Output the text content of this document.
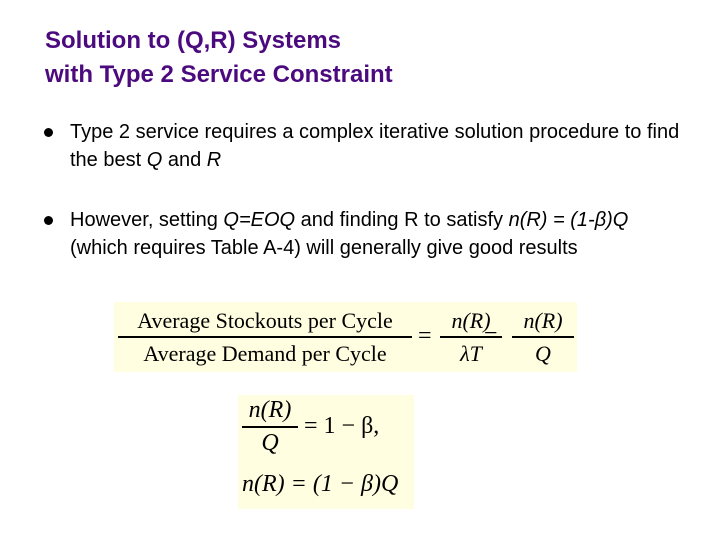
Solution to (Q,R) Systems
with Type 2 Service Constraint
Type 2 service requires a complex iterative solution procedure to find the best Q and R
However, setting Q=EOQ and finding R to satisfy n(R) = (1-β)Q (which requires Table A-4) will generally give good results
Average Stockouts per Cycle
Average Demand per Cycle
= $\frac{n(R)}{\lambda T}$
= $\frac{n(R)}{Q}$
$\frac{n(R)}{Q} = 1 - \beta$,
n(R) = (1 − β)Q
